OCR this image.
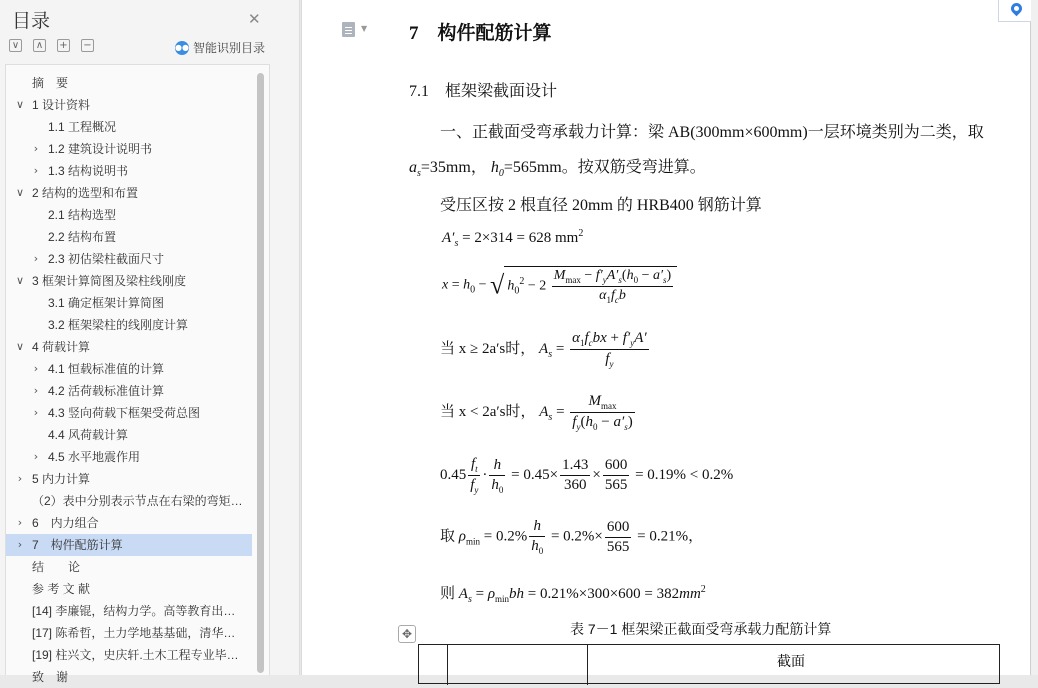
目录	✕
∨ ∧ + −	●● 智能识别目录
摘　要
∨ 1 设计资料
1.1 工程概况
› 1.2 建筑设计说明书
› 1.3 结构说明书
∨ 2 结构的选型和布置
2.1 结构选型
2.2 结构布置
› 2.3 初估梁柱截面尺寸
∨ 3 框架计算简图及梁柱线刚度
3.1 确定框架计算简图
3.2 框架梁柱的线刚度计算
∨ 4 荷载计算
› 4.1 恒载标准值的计算
› 4.2 活荷载标准值计算
› 4.3 竖向荷载下框架受荷总图
4.4 风荷载计算
› 4.5 水平地震作用
› 5 内力计算
（2）表中分别表示节点在右梁的弯矩…
› 6　内力组合
› 7　构件配筋计算
结　　论
参 考 文 献
[14] 李廉锟，结构力学。高等教育出…
[17] 陈希哲，土力学地基基础，清华…
[19] 柱兴文，史庆轩.土木工程专业毕…
致　谢
▼ 7　构件配筋计算
7.1　框架梁截面设计
一、正截面受弯承载力计算：梁 AB(300mm×600mm)一层环境类别为二类，取
$a_s=35mm$， $h_0=565mm$。按双筋受弯进算。
受压区按 2 根直径 20mm 的 HRB400 钢筋计算
$A'_s = 2\times 314 = 628$ $mm^2$
$x = h_0$ − √ $h_0^2 - 2 \frac{M_{max} - f'_yA'_s(h_0 - a'_s)}{\alpha_1f_cb}$
当 x ≥ 2a′s时， $A_s = \frac{\alpha_1f_cbx + f'_yA'}{f_y}$
当 x < 2a′s时， $A_s = \frac{M_{max}}{f_y(h_0 - a'_s)}$
$0.45 \frac{f_t}{f_y} \cdot \frac{h}{h_0} = 0.45\times \frac{1.43}{360} \times \frac{600}{565} = 0.19\% < 0.2\%$
取 $\rho_{min} = 0.2\% \frac{h}{h_0} = 0.2\%\times \frac{600}{565} = 0.21\%$，
则 $A_s = \rho_{min}bh = 0.21\%\times 300\times 600 = 382mm^2$
✥	表 7－1 框架梁正截面受弯承载力配筋计算
截面
